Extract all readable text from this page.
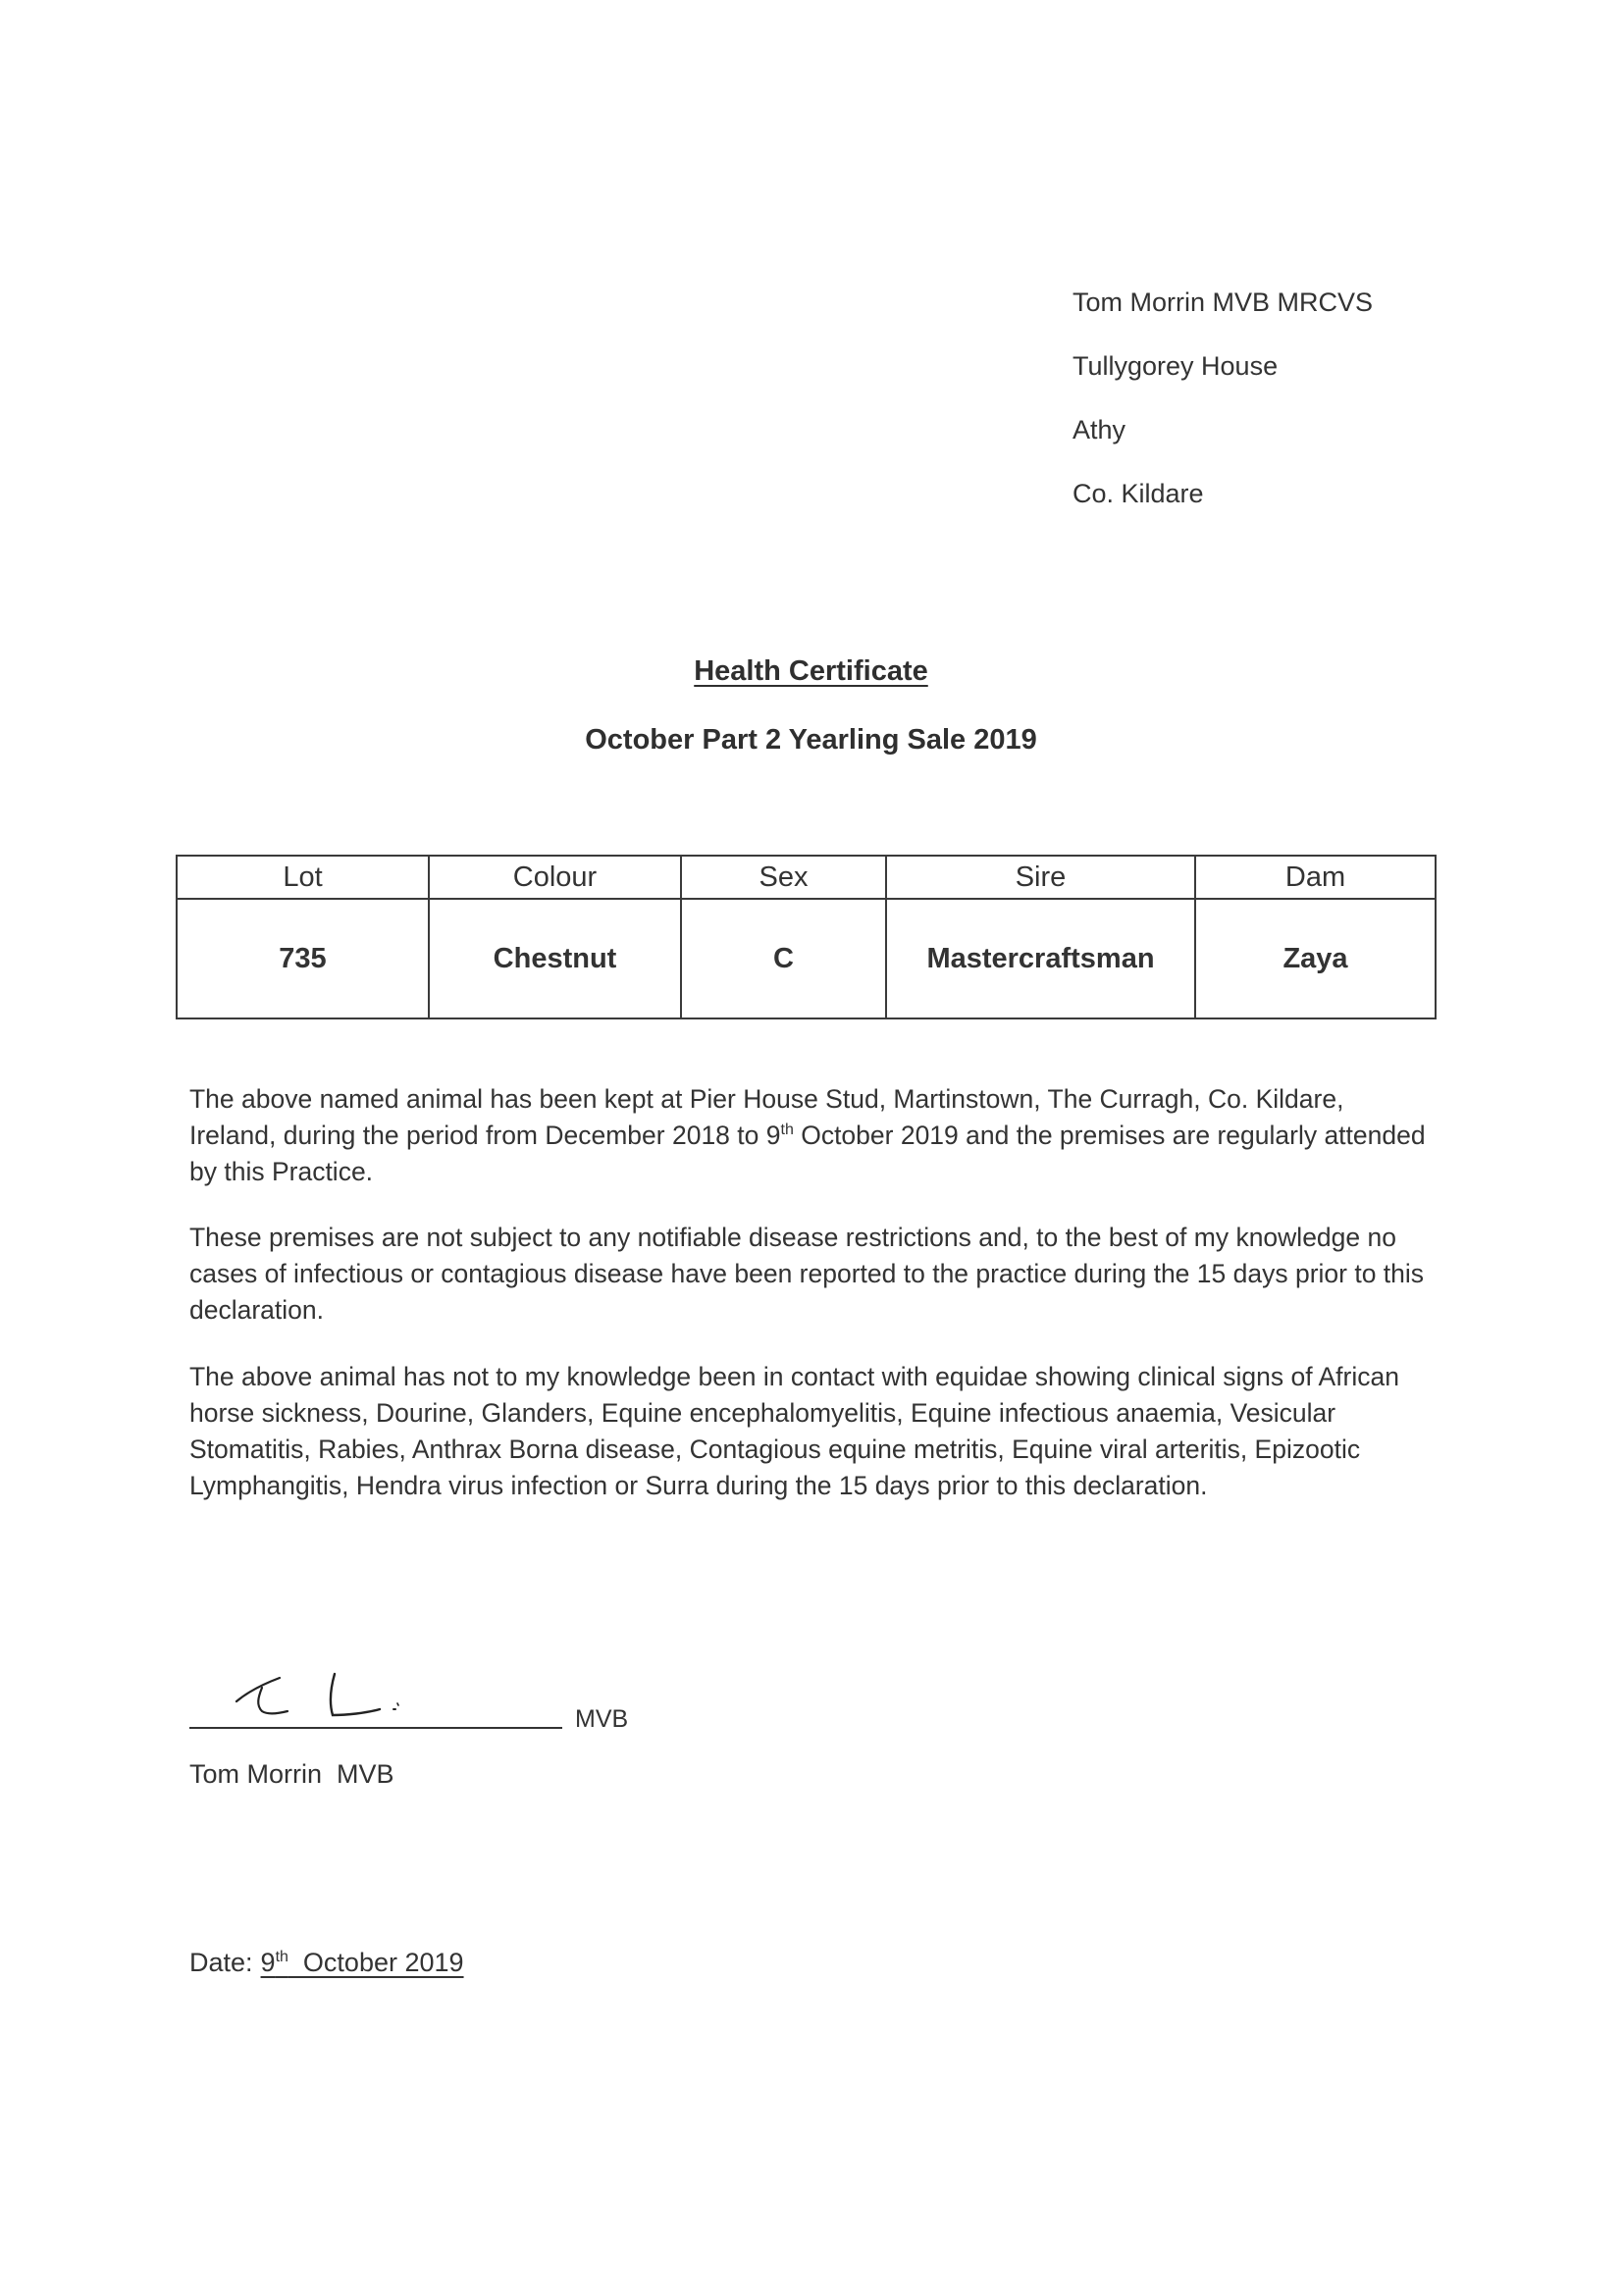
Tom Morrin MVB MRCVS
Tullygorey House
Athy
Co. Kildare
Health Certificate
October Part 2 Yearling Sale 2019
Lot	Colour	Sex	Sire	Dam
735	Chestnut	C	Mastercraftsman	Zaya
The above named animal has been kept at Pier House Stud, Martinstown, The Curragh, Co. Kildare, Ireland, during the period from December 2018 to 9th October 2019 and the premises are regularly attended by this Practice.
These premises are not subject to any notifiable disease restrictions and, to the best of my knowledge no cases of infectious or contagious disease have been reported to the practice during the 15 days prior to this declaration.
The above animal has not to my knowledge been in contact with equidae showing clinical signs of African horse sickness, Dourine, Glanders, Equine encephalomyelitis, Equine infectious anaemia, Vesicular Stomatitis, Rabies, Anthrax Borna disease, Contagious equine metritis, Equine viral arteritis, Epizootic Lymphangitis, Hendra virus infection or Surra during the 15 days prior to this declaration.
MVB
Tom Morrin  MVB
Date: 9th  October 2019
